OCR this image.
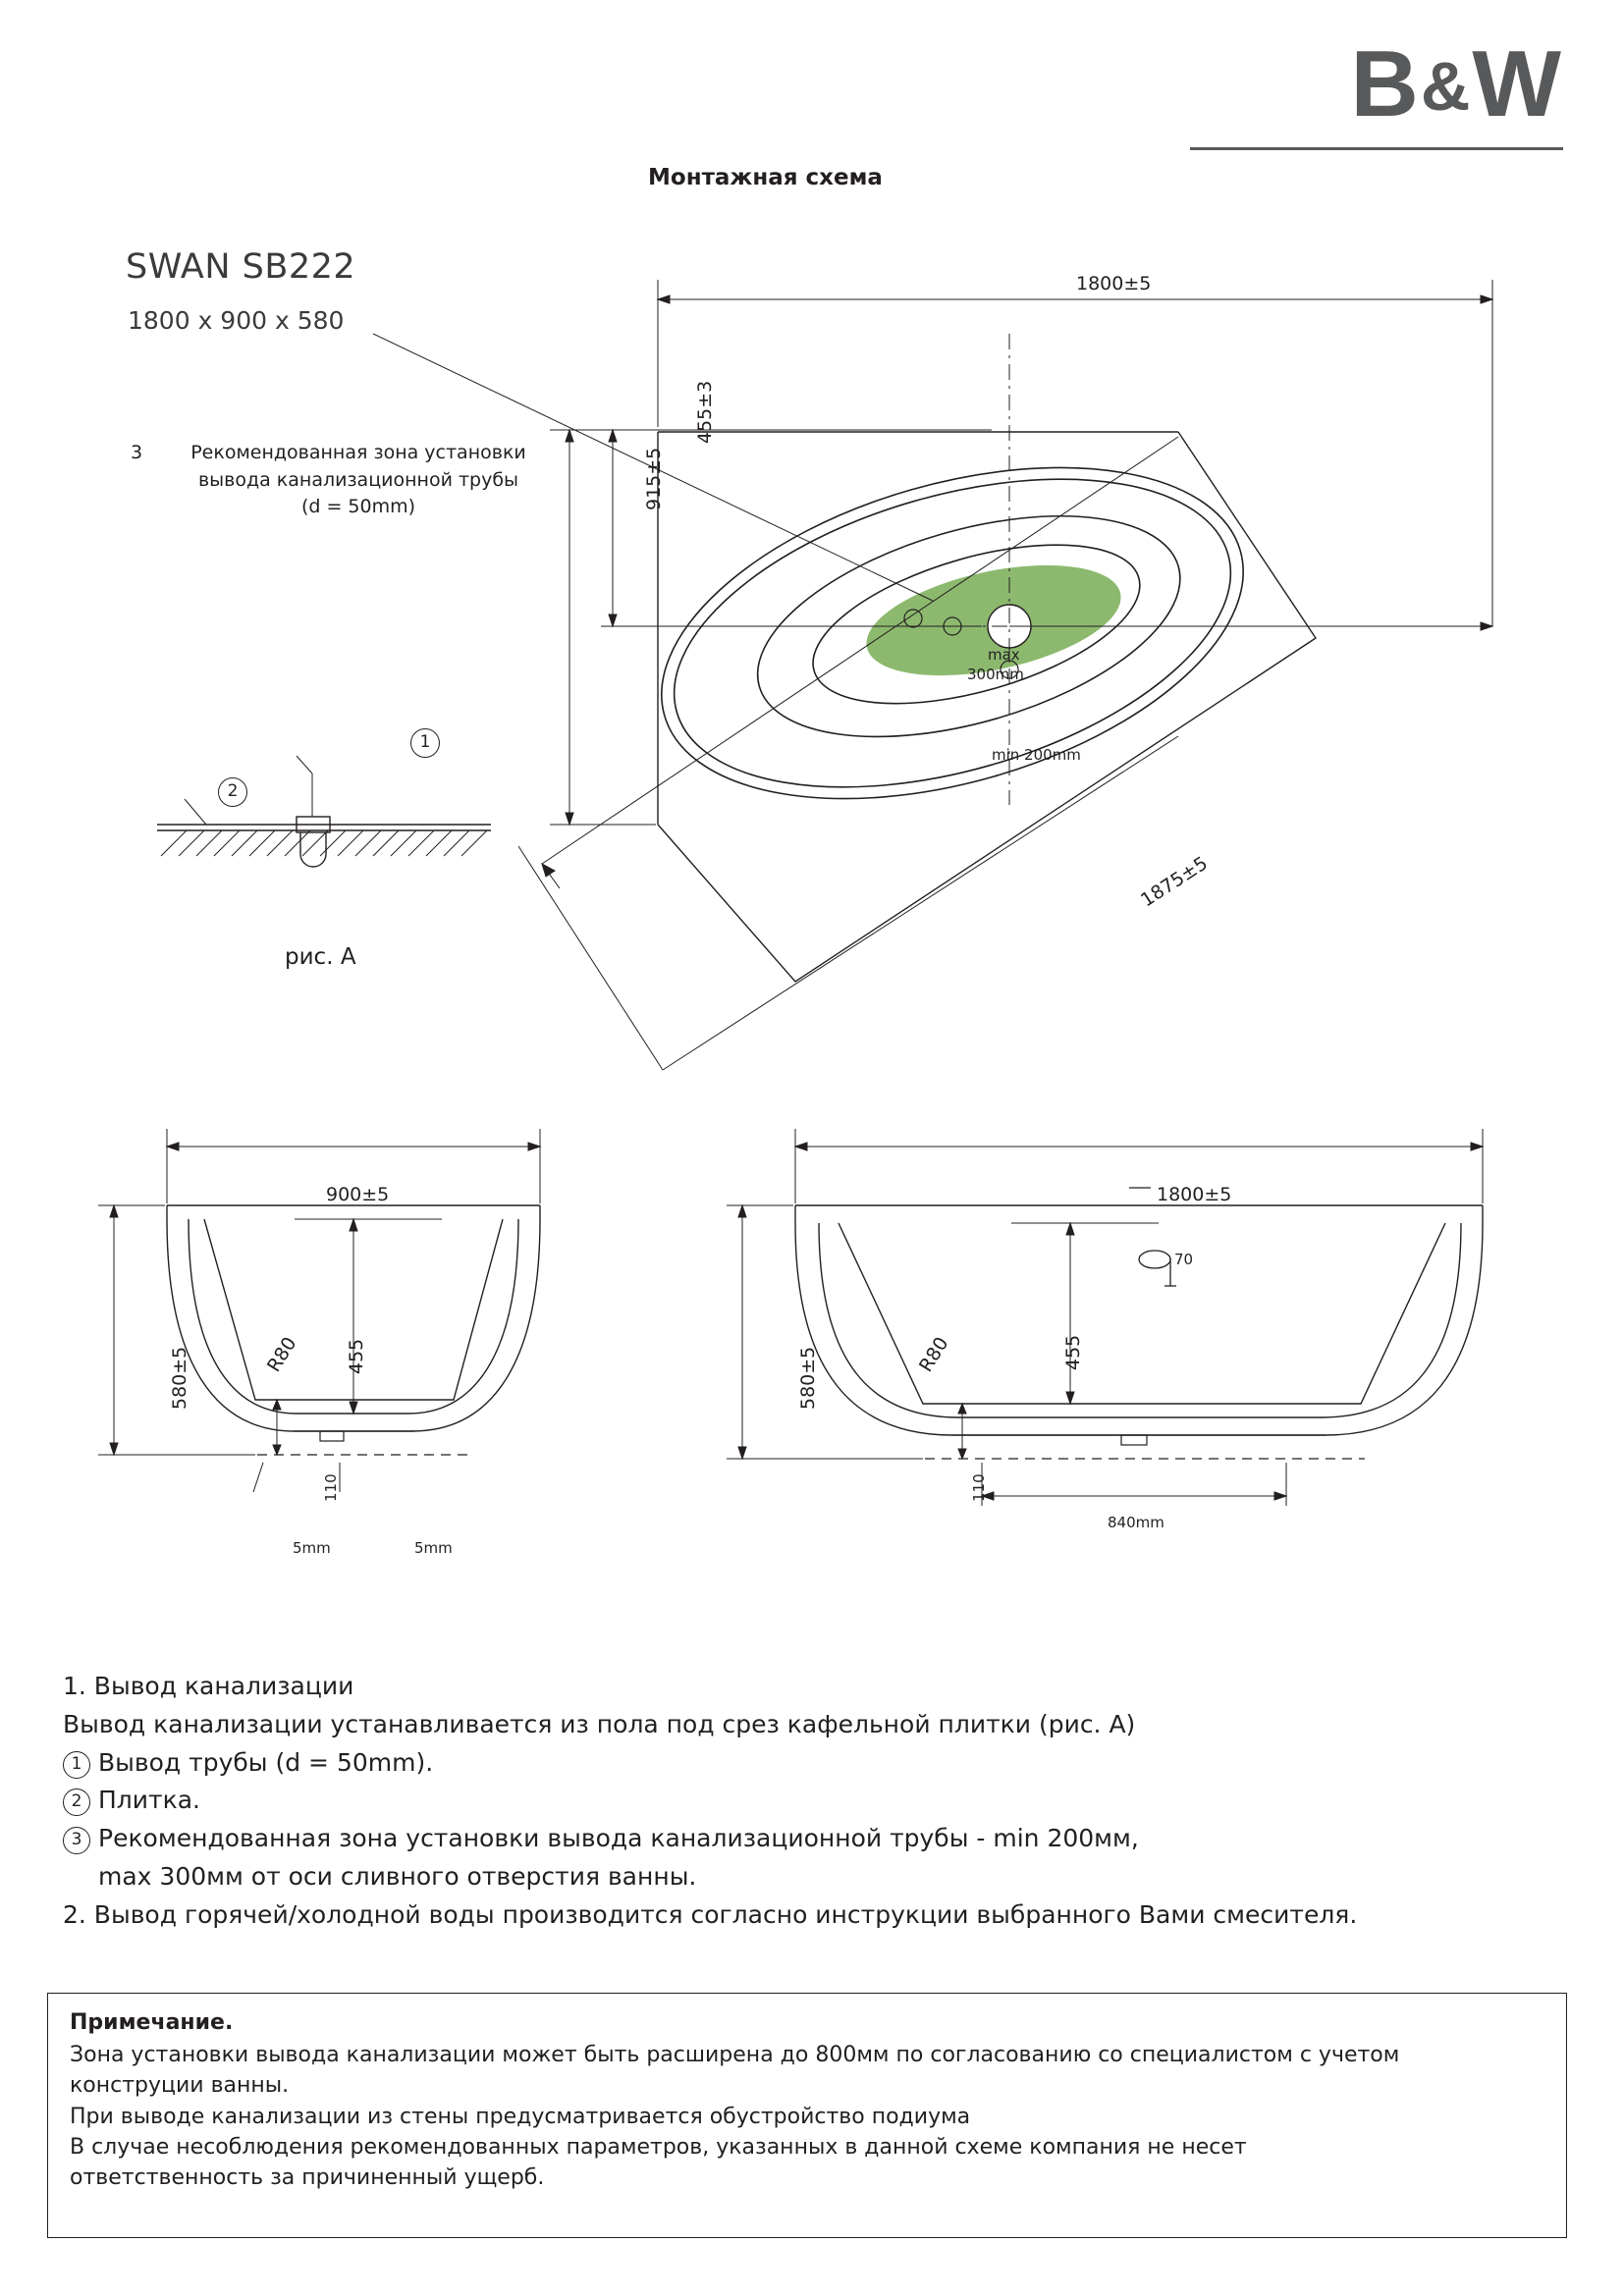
B&W
Монтажная схема
SWAN SB222
1800 x 900 x 580
3	Рекомендованная зона установки
вывода канализационной трубы
(d = 50mm)
1800±5
915±5
455±3
1875±5
max
300mm
min 200mm
1
2
рис. А
900±5
580±5	455
R80
110
5mm	5mm
1800±5
580±5	455
R80
110
840mm
70

1. Вывод канализации

Вывод канализации устанавливается из пола под срез кафельной плитки (рис. А)

1 Вывод трубы (d = 50mm).

2 Плитка.

3 Рекомендованная зона установки вывода канализационной трубы - min 200мм,

max 300мм от оси сливного отверстия ванны.

2. Вывод горячей/холодной воды производится согласно инструкции выбранного Вами смесителя.

Примечание.

Зона установки вывода канализации может быть расширена до 800мм по согласованию со специалистом с учетом

конструции ванны.

При выводе канализации из стены предусматривается обустройство подиума

В случае несоблюдения рекомендованных параметров, указанных в данной схеме компания не несет

ответственность за причиненный ущерб.
